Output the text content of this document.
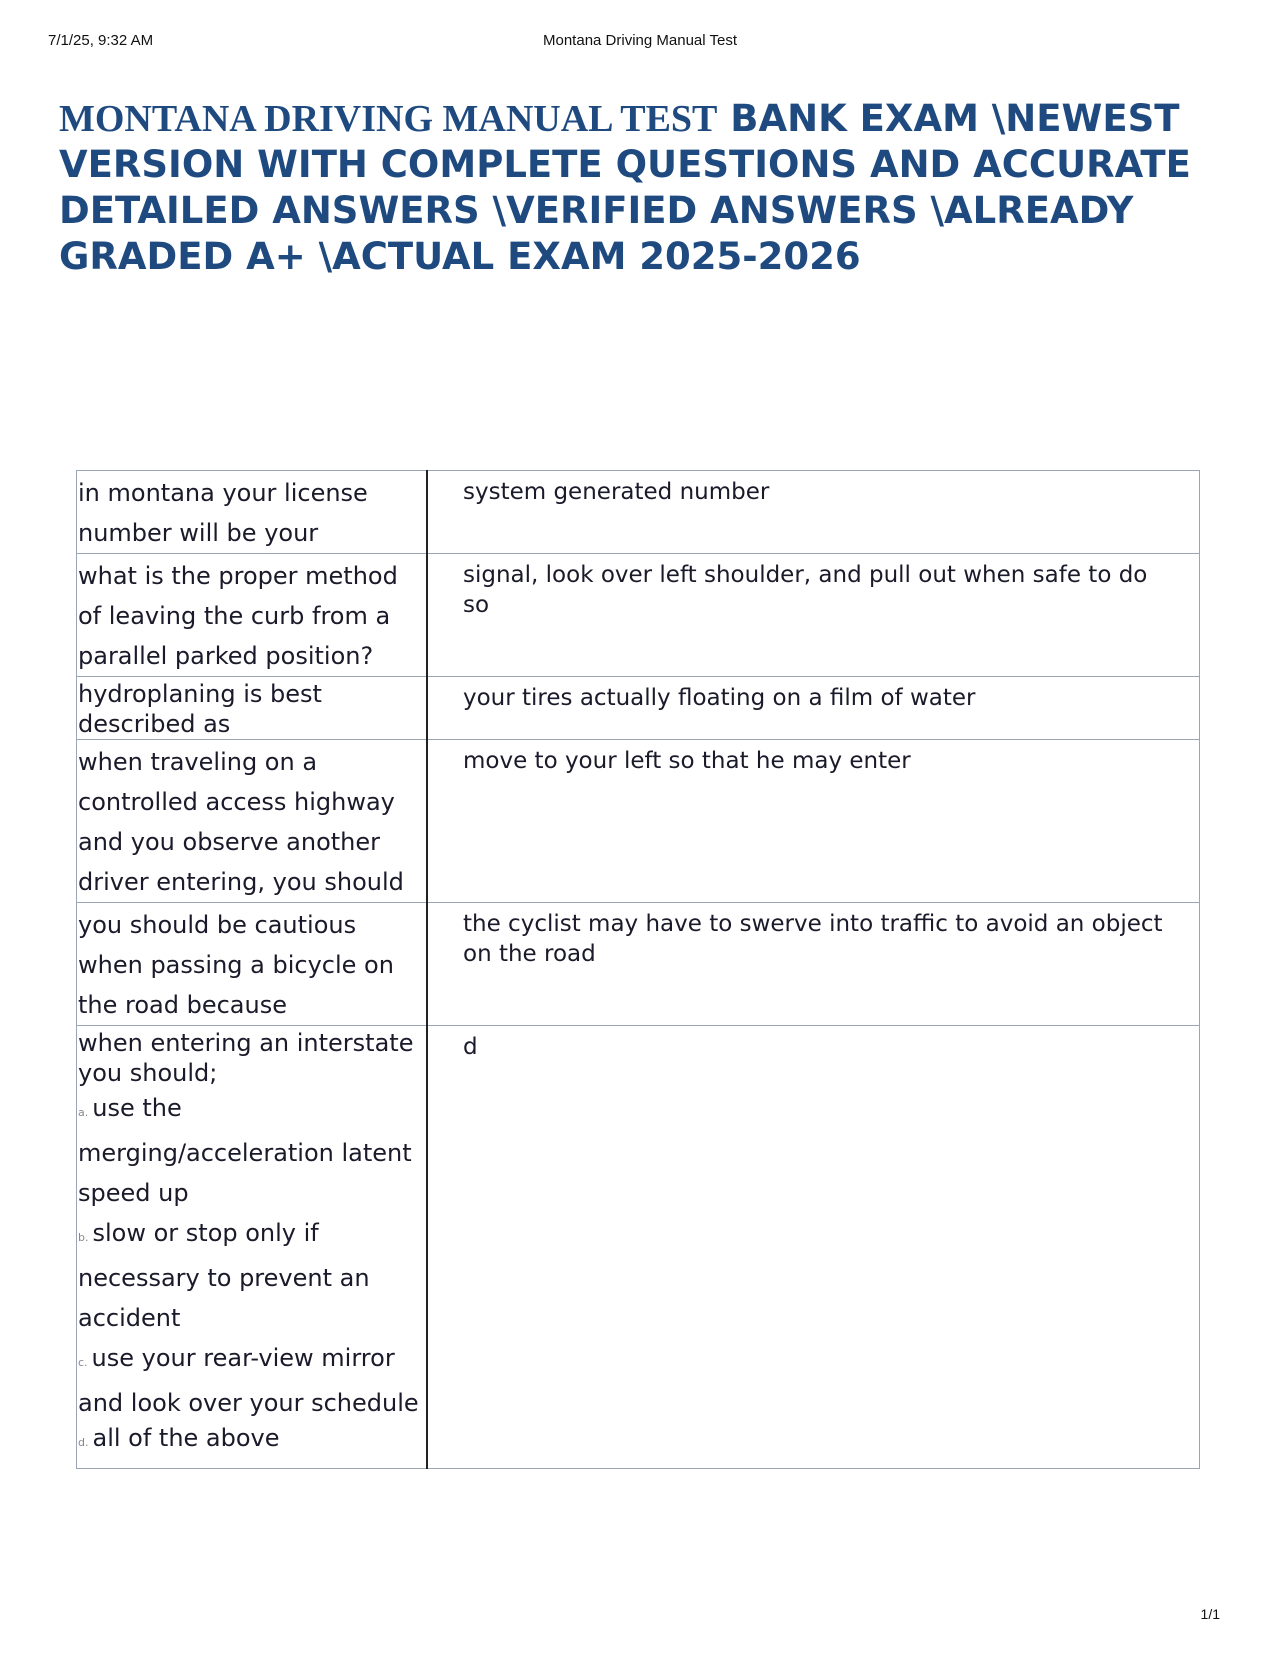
7/1/25, 9:32 AM	Montana Driving Manual Test
MONTANA DRIVING MANUAL TEST BANK EXAM \NEWEST VERSION WITH COMPLETE QUESTIONS AND ACCURATE DETAILED ANSWERS \VERIFIED ANSWERS \ALREADY GRADED A+ \ACTUAL EXAM 2025-2026
in montana your license number will be your	system generated number
what is the proper method of leaving the curb from a parallel parked position?	signal, look over left shoulder, and pull out when safe to do so

hydroplaning is best described as	your tires actually floating on a film of water
when traveling on a controlled access highway and you observe another driver entering, you should	move to your left so that he may enter
you should be cautious when passing a bicycle on the road because	the cyclist may have to swerve into traffic to avoid an object on the road

when entering an interstate you should;
a. use the merging/acceleration latent speed up
b. slow or stop only if necessary to prevent an accident
c. use your rear-view mirror and look over your schedule
d. all of the above	d
1/1
